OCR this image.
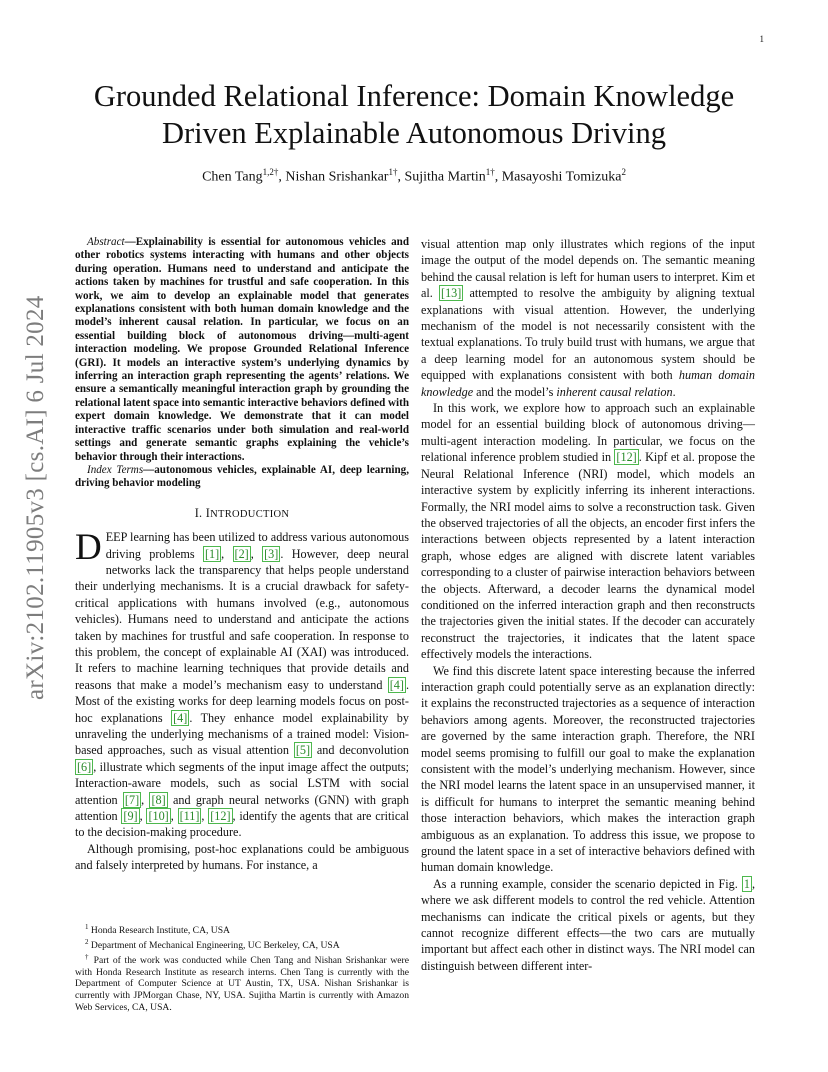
1
arXiv:2102.11905v3 [cs.AI] 6 Jul 2024
Grounded Relational Inference: Domain Knowledge Driven Explainable Autonomous Driving
Chen Tang$^{1,2\dagger}$, Nishan Srishankar$^{1\dagger}$, Sujitha Martin$^{1\dagger}$, Masayoshi Tomizuka$^2$

Abstract—Explainability is essential for autonomous vehicles and other robotics systems interacting with humans and other objects during operation. Humans need to understand and anticipate the actions taken by machines for trustful and safe cooperation. In this work, we aim to develop an explainable model that generates explanations consistent with both human domain knowledge and the model’s inherent causal relation. In particular, we focus on an essential building block of autonomous driving—multi-agent interaction modeling. We propose Grounded Relational Inference (GRI). It models an interactive system’s underlying dynamics by inferring an interaction graph representing the agents’ relations. We ensure a semantically meaningful interaction graph by grounding the relational latent space into semantic interactive behaviors defined with expert domain knowledge. We demonstrate that it can model interactive traffic scenarios under both simulation and real-world settings and generate semantic graphs explaining the vehicle’s behavior through their interactions.

Index Terms—autonomous vehicles, explainable AI, deep learning, driving behavior modeling

I. INTRODUCTION

DEEP learning has been utilized to address various autonomous driving problems [1] , [2] , [3] . However, deep neural networks lack the transparency that helps people understand their underlying mechanisms. It is a crucial drawback for safety-critical applications with humans involved (e.g., autonomous vehicles). Humans need to understand and anticipate the actions taken by machines for trustful and safe cooperation. In response to this problem, the concept of explainable AI (XAI) was introduced. It refers to machine learning techniques that provide details and reasons that make a model’s mechanism easy to understand [4] . Most of the existing works for deep learning models focus on post-hoc explanations [4] . They enhance model explainability by unraveling the underlying mechanisms of a trained model: Vision-based approaches, such as visual attention [5] and deconvolution [6] , illustrate which segments of the input image affect the outputs; Interaction-aware models, such as social LSTM with social attention [7] , [8] and graph neural networks (GNN) with graph attention [9] , [10] , [11] , [12] , identify the agents that are critical to the decision-making procedure.

Although promising, post-hoc explanations could be ambiguous and falsely interpreted by humans. For instance, a

$^1$ Honda Research Institute, CA, USA

$^2$ Department of Mechanical Engineering, UC Berkeley, CA, USA

† Part of the work was conducted while Chen Tang and Nishan Srishankar were with Honda Research Institute as research interns. Chen Tang is currently with the Department of Computer Science at UT Austin, TX, USA. Nishan Srishankar is currently with JPMorgan Chase, NY, USA. Sujitha Martin is currently with Amazon Web Services, CA, USA.

visual attention map only illustrates which regions of the input image the output of the model depends on. The semantic meaning behind the causal relation is left for human users to interpret. Kim et al. [13] attempted to resolve the ambiguity by aligning textual explanations with visual attention. However, the underlying mechanism of the model is not necessarily consistent with the textual explanations. To truly build trust with humans, we argue that a deep learning model for an autonomous system should be equipped with explanations consistent with both human domain knowledge and the model’s inherent causal relation.

In this work, we explore how to approach such an explainable model for an essential building block of autonomous driving—multi-agent interaction modeling. In particular, we focus on the relational inference problem studied in [12] . Kipf et al. propose the Neural Relational Inference (NRI) model, which models an interactive system by explicitly inferring its inherent interactions. Formally, the NRI model aims to solve a reconstruction task. Given the observed trajectories of all the objects, an encoder first infers the interactions between objects represented by a latent interaction graph, whose edges are aligned with discrete latent variables corresponding to a cluster of pairwise interaction behaviors between the objects. Afterward, a decoder learns the dynamical model conditioned on the inferred interaction graph and then reconstructs the trajectories given the initial states. If the decoder can accurately reconstruct the trajectories, it indicates that the latent space effectively models the interactions.

We find this discrete latent space interesting because the inferred interaction graph could potentially serve as an explanation directly: it explains the reconstructed trajectories as a sequence of interaction behaviors among agents. Moreover, the reconstructed trajectories are governed by the same interaction graph. Therefore, the NRI model seems promising to fulfill our goal to make the explanation consistent with the model’s underlying mechanism. However, since the NRI model learns the latent space in an unsupervised manner, it is difficult for humans to interpret the semantic meaning behind those interaction behaviors, which makes the interaction graph ambiguous as an explanation. To address this issue, we propose to ground the latent space in a set of interactive behaviors defined with human domain knowledge.

As a running example, consider the scenario depicted in Fig. 1 , where we ask different models to control the red vehicle. Attention mechanisms can indicate the critical pixels or agents, but they cannot recognize different effects—the two cars are mutually important but affect each other in distinct ways. The NRI model can distinguish between different inter-
